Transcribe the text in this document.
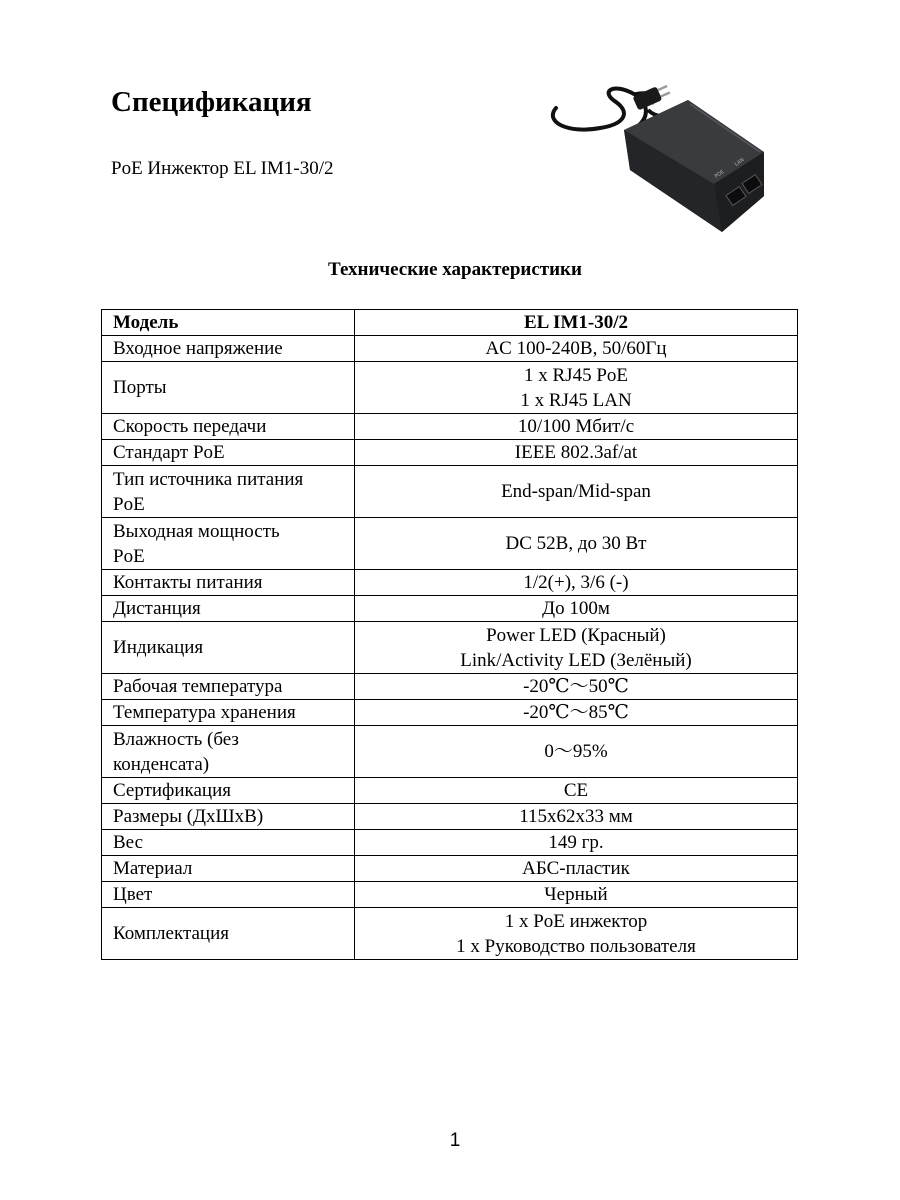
Спецификация

PoE Инжектор EL IM1-30/2	POE
LAN
Технические характеристики
Модель	EL IM1-30/2
Входное напряжение	AC 100-240В, 50/60Гц

Порты	1 x RJ45 PoE
1 x RJ45 LAN

Скорость передачи	10/100 Мбит/с

Стандарт PoE	IEEE 802.3af/at

Тип источника питания
PoE	End-span/Mid-span

Выходная мощность
PoE	DC 52В, до 30 Вт

Контакты питания	1/2(+), 3/6 (-)

Дистанция	До 100м

Индикация	Power LED (Красный)
Link/Activity LED (Зелёный)

Рабочая температура	-20℃～50℃

Температура хранения	-20℃～85℃

Влажность (без
конденсата)	0～95%

Сертификация	CE

Размеры (ДхШхВ)	115x62x33 мм

Вес	149 гр.

Материал	АБС-пластик

Цвет	Черный

Комплектация	1 x PoE инжектор
1 x Руководство пользователя
1
